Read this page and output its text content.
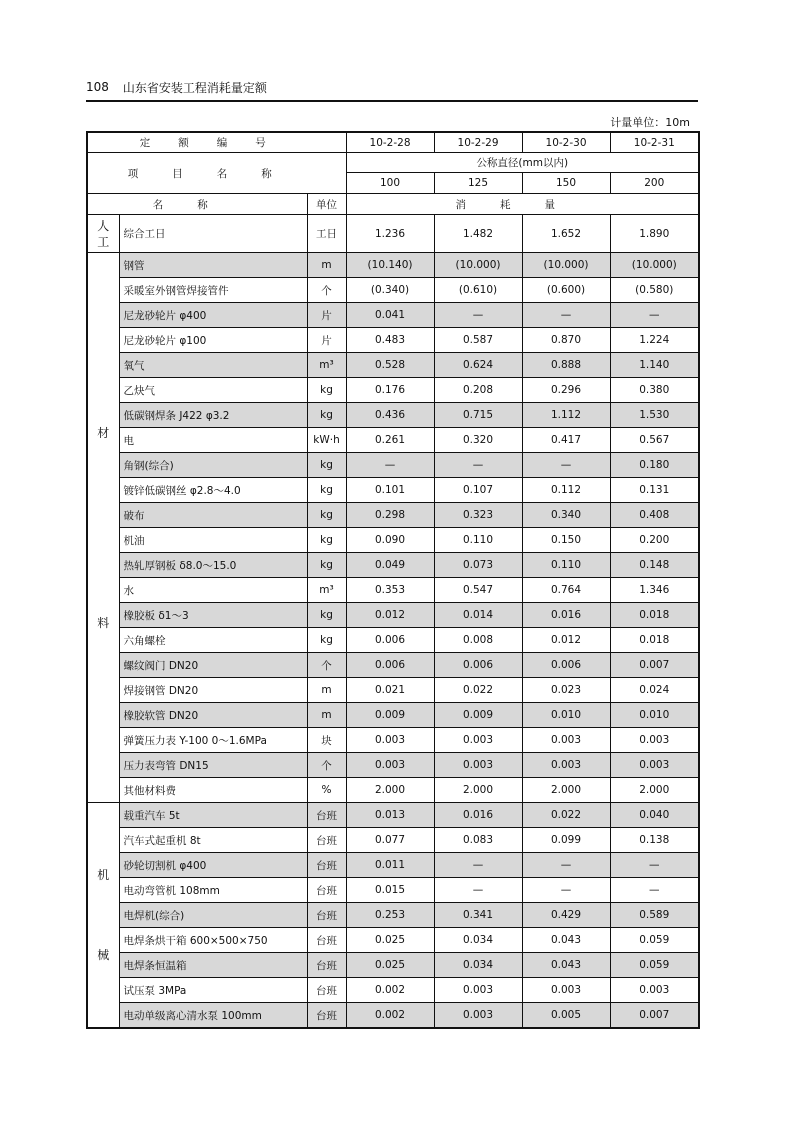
108 山东省安装工程消耗量定额
计量单位：10m
定额编号			10-2-28	10-2-29	10-2-30	10-2-31
项目名称			公称直径(mm以内)			
			100	125	150	200
名称		单位	消耗量			

人
工	综合工日	工日	1.236	1.482	1.652	1.890

材
料	钢管	m	(10.140)	(10.000)	(10.000)	(10.000)
	采暖室外钢管焊接管件	个	(0.340)	(0.610)	(0.600)	(0.580)
	尼龙砂轮片 φ400	片	0.041	—	—	—
	尼龙砂轮片 φ100	片	0.483	0.587	0.870	1.224
	氧气	m³	0.528	0.624	0.888	1.140
	乙炔气	kg	0.176	0.208	0.296	0.380
	低碳钢焊条 J422 φ3.2	kg	0.436	0.715	1.112	1.530
	电	kW·h	0.261	0.320	0.417	0.567
	角钢(综合)	kg	—	—	—	0.180
	镀锌低碳钢丝 φ2.8～4.0	kg	0.101	0.107	0.112	0.131
	破布	kg	0.298	0.323	0.340	0.408
	机油	kg	0.090	0.110	0.150	0.200
	热轧厚钢板 δ8.0～15.0	kg	0.049	0.073	0.110	0.148
	水	m³	0.353	0.547	0.764	1.346
	橡胶板 δ1～3	kg	0.012	0.014	0.016	0.018
	六角螺栓	kg	0.006	0.008	0.012	0.018
	螺纹阀门 DN20	个	0.006	0.006	0.006	0.007
	焊接钢管 DN20	m	0.021	0.022	0.023	0.024
	橡胶软管 DN20	m	0.009	0.009	0.010	0.010
	弹簧压力表 Y-100 0～1.6MPa	块	0.003	0.003	0.003	0.003
	压力表弯管 DN15	个	0.003	0.003	0.003	0.003
	其他材料费	%	2.000	2.000	2.000	2.000

机
械	载重汽车 5t	台班	0.013	0.016	0.022	0.040
	汽车式起重机 8t	台班	0.077	0.083	0.099	0.138
	砂轮切割机 φ400	台班	0.011	—	—	—
	电动弯管机 108mm	台班	0.015	—	—	—
	电焊机(综合)	台班	0.253	0.341	0.429	0.589
	电焊条烘干箱 600×500×750	台班	0.025	0.034	0.043	0.059
	电焊条恒温箱	台班	0.025	0.034	0.043	0.059
	试压泵 3MPa	台班	0.002	0.003	0.003	0.003
	电动单级离心清水泵 100mm	台班	0.002	0.003	0.005	0.007
